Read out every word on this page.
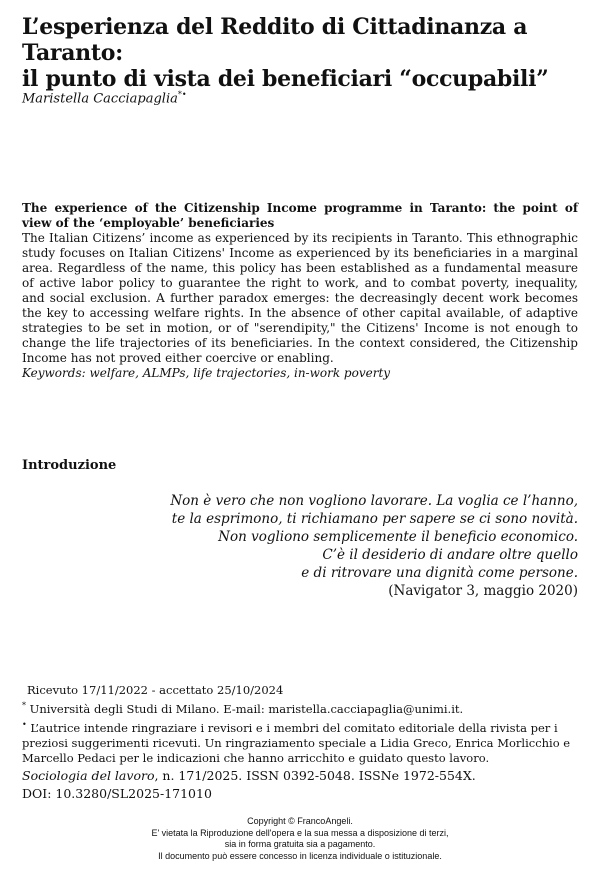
L’esperienza del Reddito di Cittadinanza a Taranto:
il punto di vista dei beneficiari “occupabili”
Maristella Cacciapaglia*•
The experience of the Citizenship Income programme in Taranto: the point of view of the ‘employable’ beneficiaries
The Italian Citizens’ income as experienced by its recipients in Taranto. This ethnographic study focuses on Italian Citizens' Income as experienced by its beneficiaries in a marginal area. Regardless of the name, this policy has been established as a fundamental measure of active labor policy to guarantee the right to work, and to combat poverty, inequality, and social exclusion. A further paradox emerges: the decreasingly decent work becomes the key to accessing welfare rights. In the absence of other capital available, of adaptive strategies to be set in motion, or of "serendipity," the Citizens' Income is not enough to change the life trajectories of its beneficiaries. In the context considered, the Citizenship Income has not proved either coercive or enabling.
Keywords: welfare, ALMPs, life trajectories, in-work poverty
Introduzione
Non è vero che non vogliono lavorare. La voglia ce l’hanno,
te la esprimono, ti richiamano per sapere se ci sono novità.
Non vogliono semplicemente il beneficio economico.
C’è il desiderio di andare oltre quello
e di ritrovare una dignità come persone.
(Navigator 3, maggio 2020)
Ricevuto 17/11/2022 - accettato 25/10/2024
* Università degli Studi di Milano. E-mail: maristella.cacciapaglia@unimi.it.
• L’autrice intende ringraziare i revisori e i membri del comitato editoriale della rivista per i preziosi suggerimenti ricevuti. Un ringraziamento speciale a Lidia Greco, Enrica Morlicchio e Marcello Pedaci per le indicazioni che hanno arricchito e guidato questo lavoro.
Sociologia del lavoro, n. 171/2025. ISSN 0392-5048. ISSNe 1972-554X.
DOI: 10.3280/SL2025-171010
Copyright © FrancoAngeli.
E' vietata la Riproduzione dell'opera e la sua messa a disposizione di terzi,
sia in forma gratuita sia a pagamento.
Il documento può essere concesso in licenza individuale o istituzionale.
